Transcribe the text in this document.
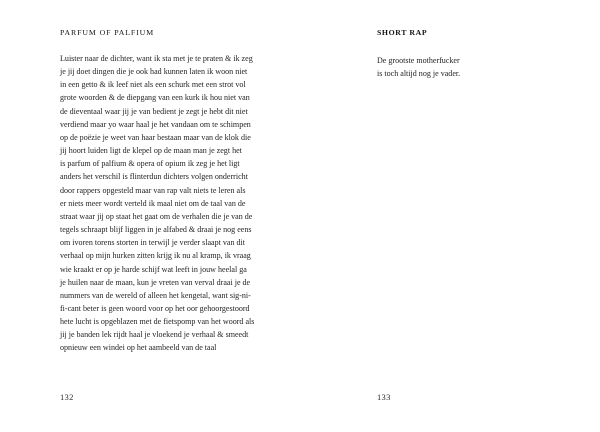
PARFUM OF PALFIUM
Luister naar de dichter, want ik sta met je te praten & ik zeg
je jij doet dingen die je ook had kunnen laten ik woon niet
in een getto & ik leef niet als een schurk met een strot vol
grote woorden & de diepgang van een kurk ik hou niet van
de dieventaal waar jij je van bedient je zegt je hebt dit niet
verdiend maar yo waar haal je het vandaan om te schimpen
op de poëzie je weet van haar bestaan maar van de klok die
jij hoort luiden ligt de klepel op de maan man je zegt het
is parfum of palfium & opera of opium ik zeg je het ligt
anders het verschil is flinterdun dichters volgen onderricht
door rappers opgesteld maar van rap valt niets te leren als
er niets meer wordt verteld ik maal niet om de taal van de
straat waar jij op staat het gaat om de verhalen die je van de
tegels schraapt blijf liggen in je alfabed & draai je nog eens
om ivoren torens storten in terwijl je verder slaapt van dit
verhaal op mijn hurken zitten krijg ik nu al kramp, ik vraag
wie kraakt er op je harde schijf wat leeft in jouw heelal ga
je huilen naar de maan, kun je vreten van verval draai je de
nummers van de wereld of alleen het kengetal, want sig-ni-
fi-cant beter is geen woord voor op het oor gehoorgestoord
hete lucht is opgeblazen met de fietspomp van het woord als
jij je banden lek rijdt haal je vloekend je verhaal & smeedt
opnieuw een windei op het aambeeld van de taal
132
SHORT RAP
De grootste motherfucker
is toch altijd nog je vader.
133
